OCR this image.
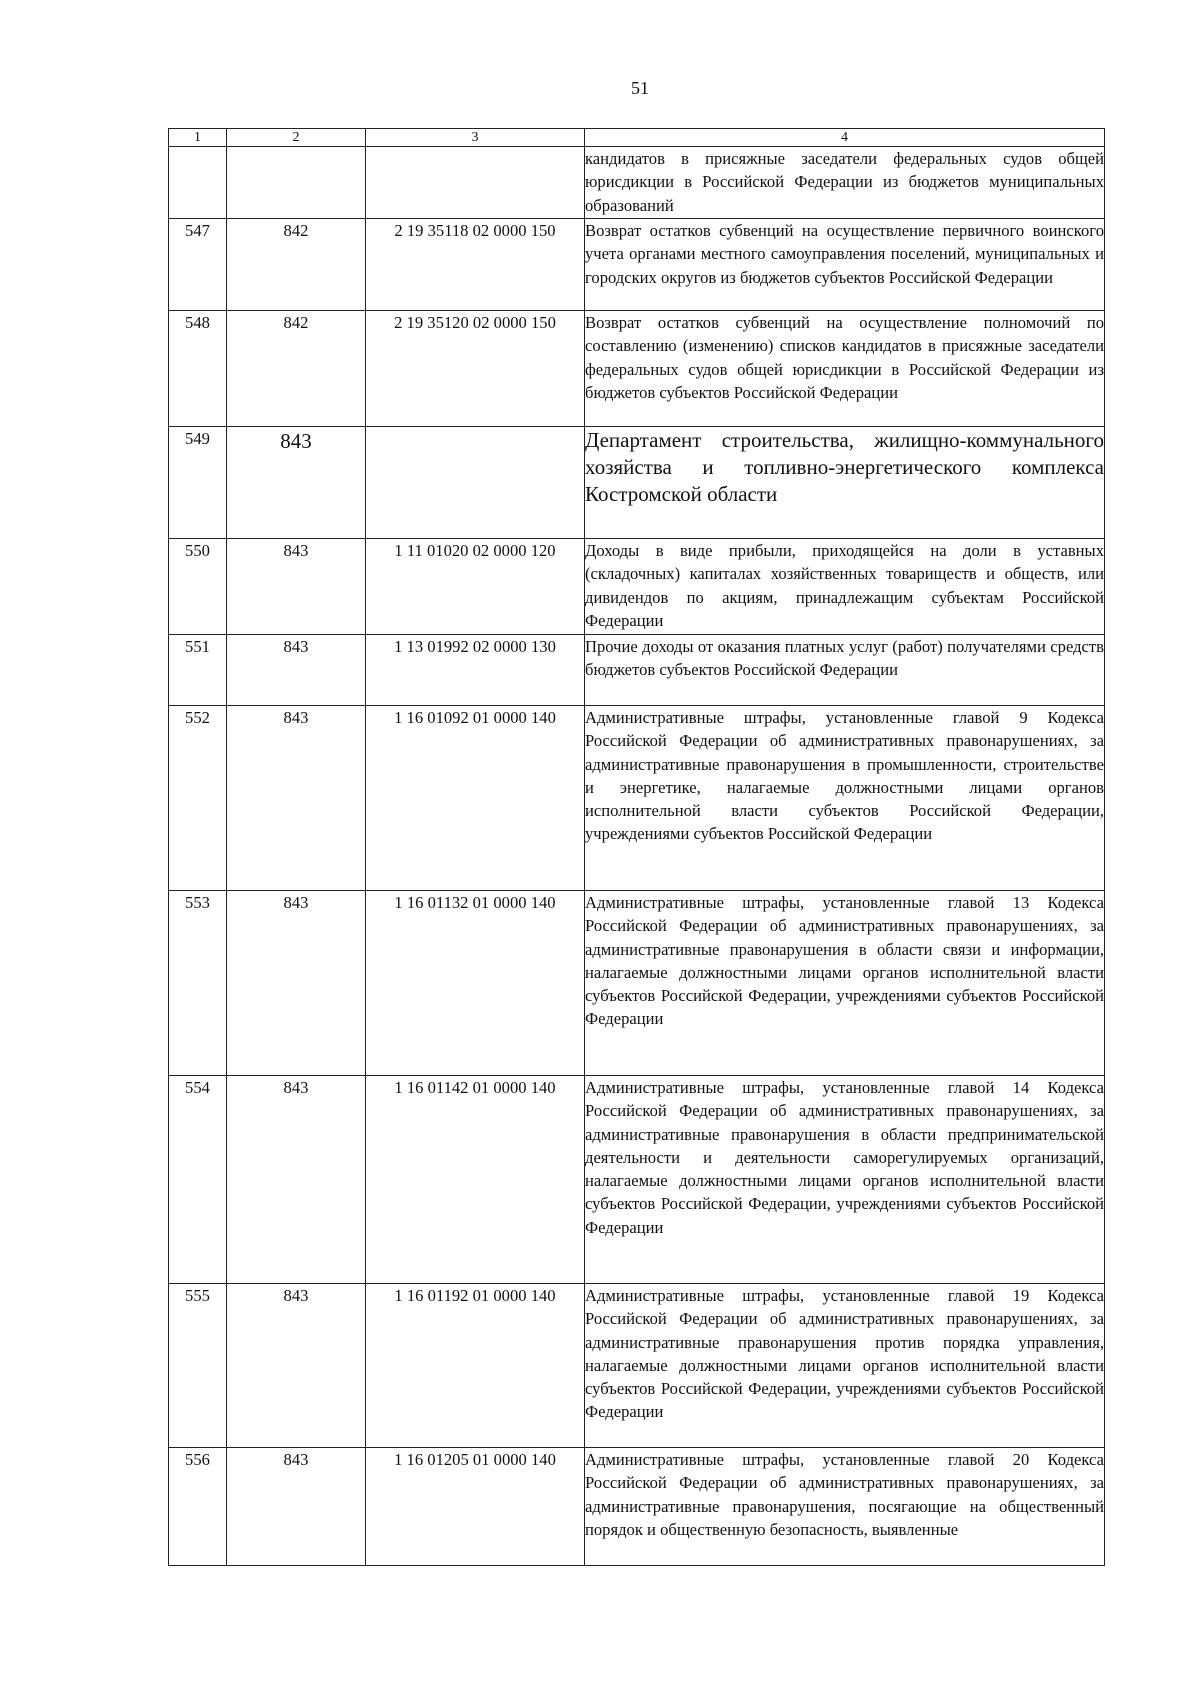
51
1	2	3	4
			кандидатов в присяжные заседатели федеральных судов общей юрисдикции в Российской Федерации из бюджетов муниципальных образований
547	842	2 19 35118 02 0000 150	Возврат остатков субвенций на осуществление первичного воинского учета органами местного самоуправления поселений, муниципальных и городских округов из бюджетов субъектов Российской Федерации
548	842	2 19 35120 02 0000 150	Возврат остатков субвенций на осуществление полномочий по составлению (изменению) списков кандидатов в присяжные заседатели федеральных судов общей юрисдикции в Российской Федерации из бюджетов субъектов Российской Федерации
549	843		Департамент строительства, жилищно-коммунального хозяйства и топливно-энергетического комплекса Костромской области
550	843	1 11 01020 02 0000 120	Доходы в виде прибыли, приходящейся на доли в уставных (складочных) капиталах хозяйственных товариществ и обществ, или дивидендов по акциям, принадлежащим субъектам Российской Федерации
551	843	1 13 01992 02 0000 130	Прочие доходы от оказания платных услуг (работ) получателями средств бюджетов субъектов Российской Федерации
552	843	1 16 01092 01 0000 140	Административные штрафы, установленные главой 9 Кодекса Российской Федерации об административных правонарушениях, за административные правонарушения в промышленности, строительстве и энергетике, налагаемые должностными лицами органов исполнительной власти субъектов Российской Федерации, учреждениями субъектов Российской Федерации
553	843	1 16 01132 01 0000 140	Административные штрафы, установленные главой 13 Кодекса Российской Федерации об административных правонарушениях, за административные правонарушения в области связи и информации, налагаемые должностными лицами органов исполнительной власти субъектов Российской Федерации, учреждениями субъектов Российской Федерации
554	843	1 16 01142 01 0000 140	Административные штрафы, установленные главой 14 Кодекса Российской Федерации об административных правонарушениях, за административные правонарушения в области предпринимательской деятельности и деятельности саморегулируемых организаций, налагаемые должностными лицами органов исполнительной власти субъектов Российской Федерации, учреждениями субъектов Российской Федерации
555	843	1 16 01192 01 0000 140	Административные штрафы, установленные главой 19 Кодекса Российской Федерации об административных правонарушениях, за административные правонарушения против порядка управления, налагаемые должностными лицами органов исполнительной власти субъектов Российской Федерации, учреждениями субъектов Российской Федерации
556	843	1 16 01205 01 0000 140	Административные штрафы, установленные главой 20 Кодекса Российской Федерации об административных правонарушениях, за административные правонарушения, посягающие на общественный порядок и общественную безопасность, выявленные
